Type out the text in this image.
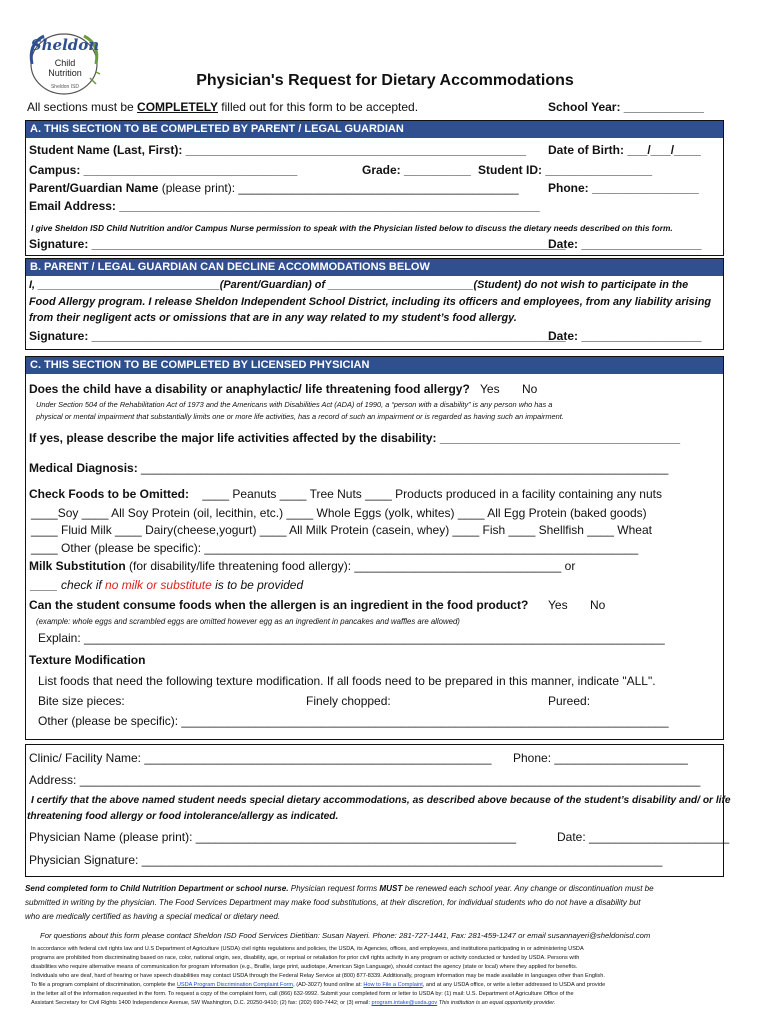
Sheldon
Child
Nutrition
Sheldon ISD	Physician's Request for Dietary Accommodations
All sections must be COMPLETELY filled out for this form to be accepted.	School Year: ____________
A. THIS SECTION TO BE COMPLETED BY PARENT / LEGAL GUARDIAN
Student Name (Last, First): ___________________________________________________ Date of Birth: ___/___/____
Campus: ________________________________	Grade: __________ Student ID: ________________
Parent/Guardian Name (please print): __________________________________________ Phone: ________________
Email Address: _______________________________________________________________
I give Sheldon ISD Child Nutrition and/or Campus Nurse permission to speak with the Physician listed below to discuss the dietary needs described on this form.
Signature: _______________________________________________________________________
Date: __________________
B. PARENT / LEGAL GUARDIAN CAN DECLINE ACCOMMODATIONS BELOW
I, ______________________________(Parent/Guardian) of ________________________(Student) do not wish to participate in the
Food Allergy program. I release Sheldon Independent School District, including its officers and employees, from any liability arising
from their negligent acts or omissions that are in any way related to my student’s food allergy.
Signature: _______________________________________________________________________
Date: __________________
C. THIS SECTION TO BE COMPLETED BY LICENSED PHYSICIAN
Does the child have a disability or anaphylactic/ life threatening food allergy? Yes No
Under Section 504 of the Rehabilitation Act of 1973 and the Americans with Disabilities Act (ADA) of 1990, a “person with a disability” is any person who has a
physical or mental impairment that substantially limits one or more life activities, has a record of such an impairment or is regarded as having such an impairment.
If yes, please describe the major life activities affected by the disability: ____________________________________
Medical Diagnosis: _______________________________________________________________________________
Check Foods to be Omitted: ____ Peanuts ____ Tree Nuts ____ Products produced in a facility containing any nuts
____Soy ____ All Soy Protein (oil, lecithin, etc.) ____ Whole Eggs (yolk, whites) ____ All Egg Protein (baked goods)
____ Fluid Milk ____ Dairy(cheese,yogurt) ____ All Milk Protein (casein, whey) ____ Fish ____ Shellfish ____ Wheat
____ Other (please be specific): _________________________________________________________________
Milk Substitution (for disability/life threatening food allergy): _______________________________ or
____ check if no milk or substitute is to be provided
Can the student consume foods when the allergen is an ingredient in the food product? Yes No
(example: whole eggs and scrambled eggs are omitted however egg as an ingredient in pancakes and waffles are allowed)
Explain: _______________________________________________________________________________________
Texture Modification
List foods that need the following texture modification. If all foods need to be prepared in this manner, indicate "ALL".
Bite size pieces:	Finely chopped:	Pureed:
Other (please be specific): _________________________________________________________________________
Clinic/ Facility Name: ____________________________________________________ Phone: ____________________
Address: _____________________________________________________________________________________________
I certify that the above named student needs special dietary accommodations, as described above because of the student’s disability and/ or life
threatening food allergy or food intolerance/allergy as indicated.
Physician Name (please print): ________________________________________________	Date: _____________________
Physician Signature: ______________________________________________________________________________
Send completed form to Child Nutrition Department or school nurse. Physician request forms MUST be renewed each school year. Any change or discontinuation must be
submitted in writing by the physician. The Food Services Department may make food substitutions, at their discretion, for individual students who do not have a disability but
who are medically certified as having a special medical or dietary need.
For questions about this form please contact Sheldon ISD Food Services Dietitian: Susan Nayeri. Phone: 281-727-1441, Fax: 281-459-1247 or email susannayeri@sheldonisd.com
In accordance with federal civil rights law and U.S Department of Agriculture (USDA) civil rights regulations and policies, the USDA, its Agencies, offices, and employees, and institutions participating in or administering USDA
programs are prohibited from discriminating based on race, color, national origin, sex, disability, age, or reprisal or retaliation for prior civil rights activity in any program or activity conducted or funded by USDA. Persons with
disabilities who require alternative means of communication for program information (e.g., Braille, large print, audiotape, American Sign Language), should contact the agency (state or local) where they applied for benefits.
Individuals who are deaf, hard of hearing or have speech disabilities may contact USDA through the Federal Relay Service at (800) 877-8339. Additionally, program information may be made available in languages other than English.
To file a program complaint of discrimination, complete the USDA Program Discrimination Complaint Form, (AD-3027) found online at: How to File a Complaint, and at any USDA office, or write a letter addressed to USDA and provide
in the letter all of the information requested in the form. To request a copy of the complaint form, call (866) 632-9992. Submit your completed form or letter to USDA by: (1) mail: U.S. Department of Agriculture Office of the
Assistant Secretary for Civil Rights 1400 Independence Avenue, SW Washington, D.C. 20250-9410; (2) fax: (202) 690-7442; or (3) email: program.intake@usda.gov This institution is an equal opportunity provider.
